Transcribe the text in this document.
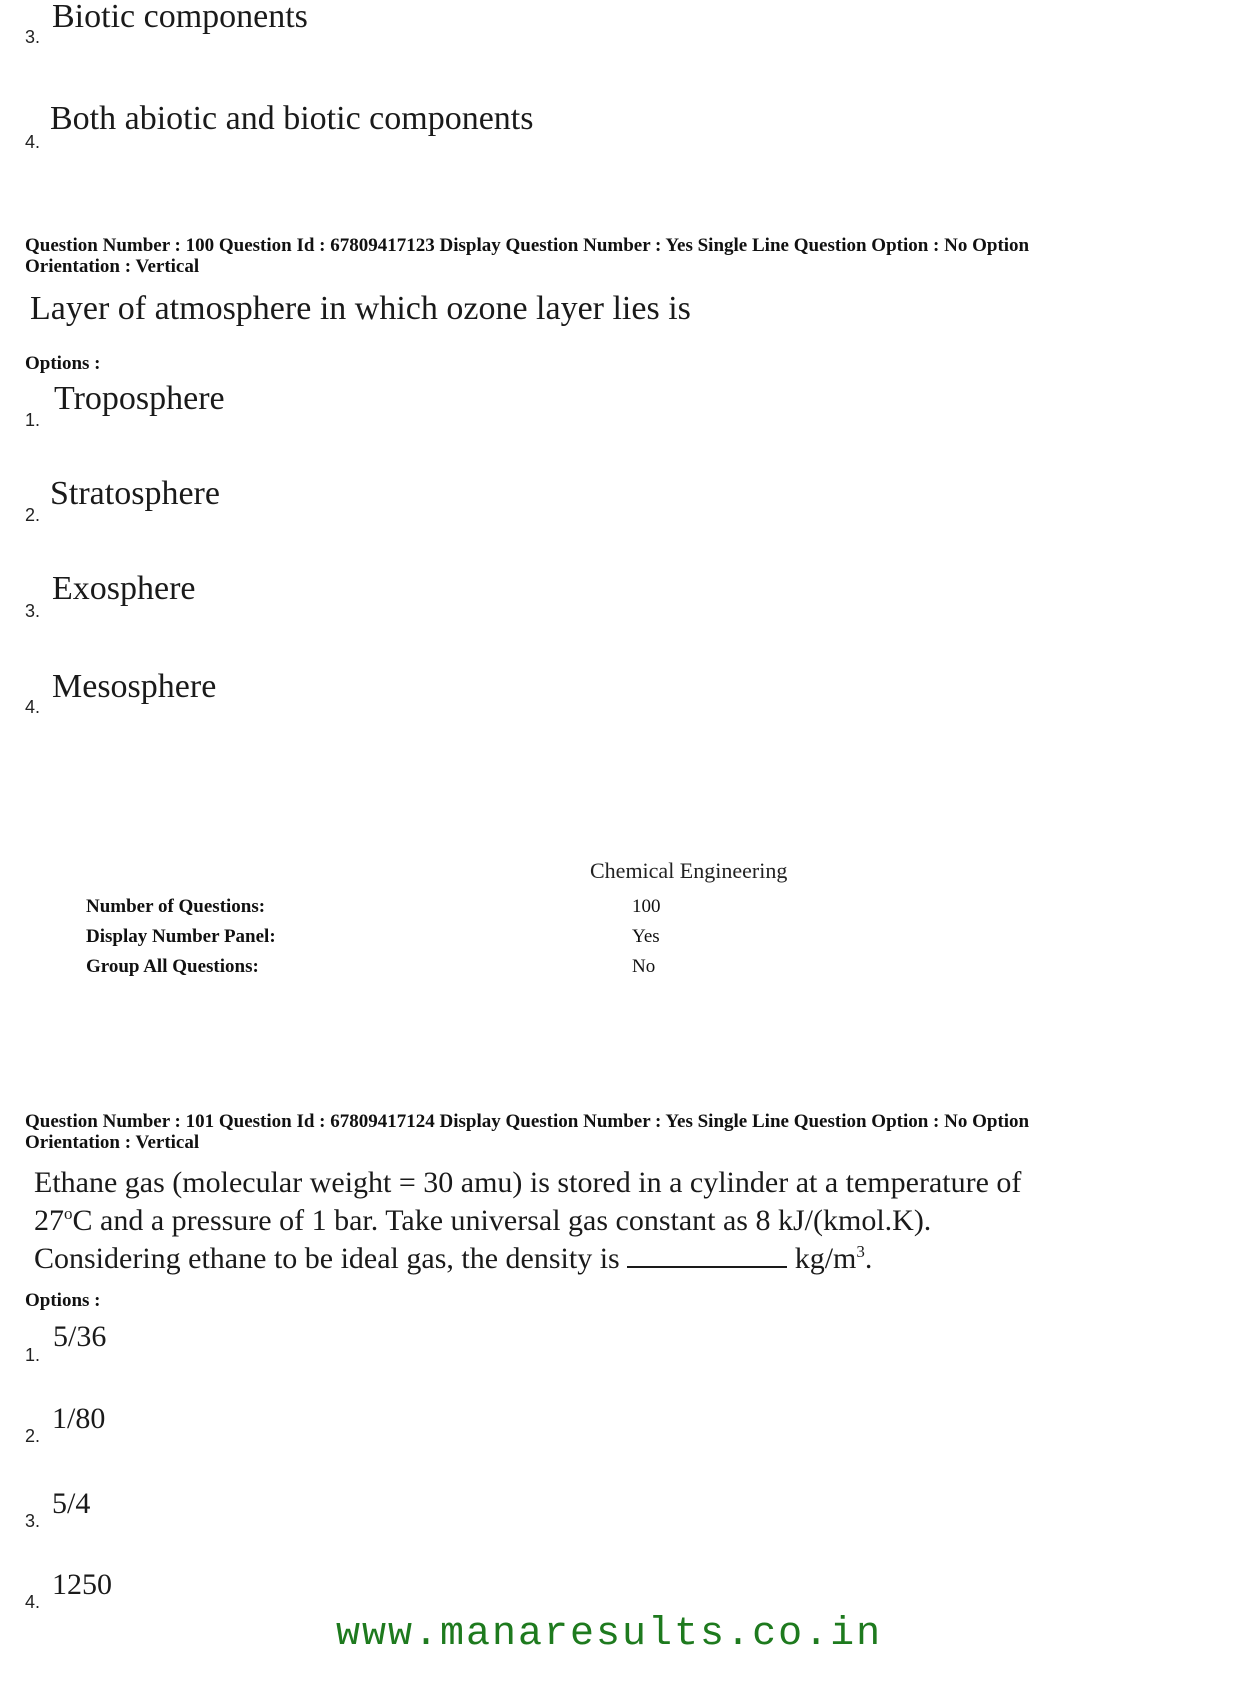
3.
Biotic components
4.
Both abiotic and biotic components
Question Number : 100 Question Id : 67809417123 Display Question Number : Yes Single Line Question Option : No Option
Orientation : Vertical
Layer of atmosphere in which ozone layer lies is
Options :
1.
Troposphere
2.
Stratosphere
3.
Exosphere
4.
Mesosphere
Chemical Engineering
Number of Questions:	100
Display Number Panel:	Yes
Group All Questions:	No
Question Number : 101 Question Id : 67809417124 Display Question Number : Yes Single Line Question Option : No Option
Orientation : Vertical
Ethane gas (molecular weight = 30 amu) is stored in a cylinder at a temperature of
27$^o$C and a pressure of 1 bar. Take universal gas constant as 8 kJ/(kmol.K).
Considering ethane to be ideal gas, the density is	$kg/m^3$.
Options :
1.
5/36
2.
1/80
3.
5/4
4.
1250
www.manaresults.co.in
